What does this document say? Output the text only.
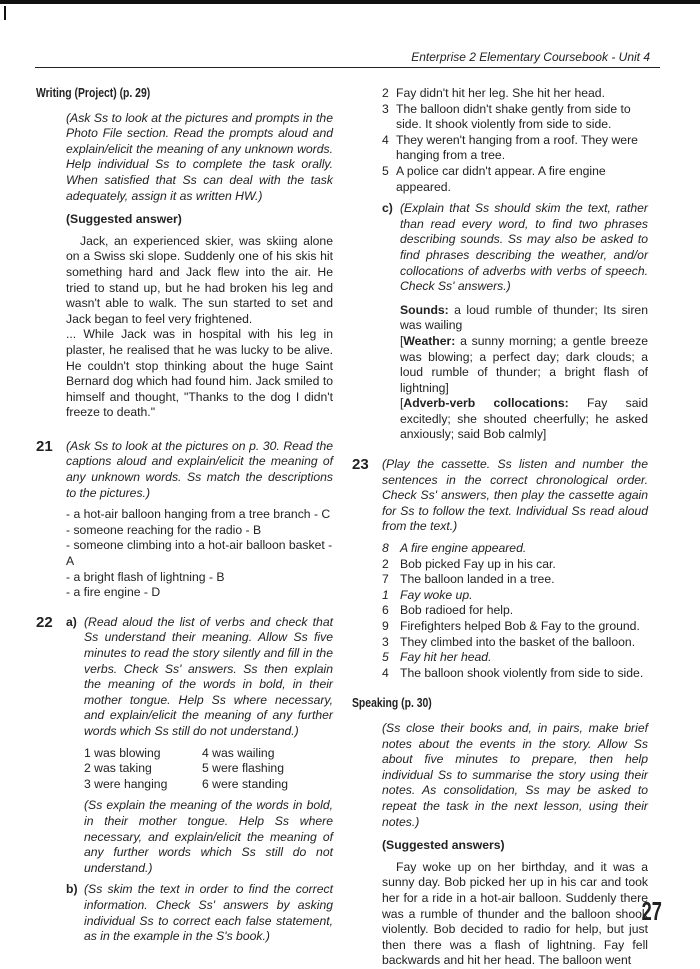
Enterprise 2 Elementary Coursebook - Unit 4
Writing (Project) (p. 29)
(Ask Ss to look at the pictures and prompts in the Photo File section. Read the prompts aloud and explain/elicit the meaning of any unknown words. Help individual Ss to complete the task orally. When satisfied that Ss can deal with the task adequately, assign it as written HW.)
(Suggested answer)
Jack, an experienced skier, was skiing alone on a Swiss ski slope. Suddenly one of his skis hit something hard and Jack flew into the air. He tried to stand up, but he had broken his leg and wasn't able to walk. The sun started to set and Jack began to feel very frightened.
... While Jack was in hospital with his leg in plaster, he realised that he was lucky to be alive. He couldn't stop thinking about the huge Saint Bernard dog which had found him. Jack smiled to himself and thought, "Thanks to the dog I didn't freeze to death."
21	(Ask Ss to look at the pictures on p. 30. Read the captions aloud and explain/elicit the meaning of any unknown words. Ss match the descriptions to the pictures.)
- a hot-air balloon hanging from a tree branch - C
- someone reaching for the radio - B
- someone climbing into a hot-air balloon basket - A
- a bright flash of lightning - B
- a fire engine - D
22	a) (Read aloud the list of verbs and check that Ss understand their meaning. Allow Ss five minutes to read the story silently and fill in the verbs. Check Ss' answers. Ss then explain the meaning of the words in bold, in their mother tongue. Help Ss where necessary, and explain/elicit the meaning of any further words which Ss still do not understand.)
1 was blowing	4 was wailing
2 was taking	5 were flashing
3 were hanging	6 were standing
(Ss explain the meaning of the words in bold, in their mother tongue. Help Ss where necessary, and explain/elicit the meaning of any further words which Ss still do not understand.)
b) (Ss skim the text in order to find the correct information. Check Ss' answers by asking individual Ss to correct each false statement, as in the example in the S's book.)
2 Fay didn't hit her leg. She hit her head.
3 The balloon didn't shake gently from side to side. It shook violently from side to side.
4 They weren't hanging from a roof. They were hanging from a tree.
5 A police car didn't appear. A fire engine appeared.
c) (Explain that Ss should skim the text, rather than read every word, to find two phrases describing sounds. Ss may also be asked to find phrases describing the weather, and/or collocations of adverbs with verbs of speech. Check Ss' answers.)
Sounds: a loud rumble of thunder; Its siren was wailing
[Weather: a sunny morning; a gentle breeze was blowing; a perfect day; dark clouds; a loud rumble of thunder; a bright flash of lightning]
[Adverb-verb collocations: Fay said excitedly; she shouted cheerfully; he asked anxiously; said Bob calmly]
23	(Play the cassette. Ss listen and number the sentences in the correct chronological order. Check Ss' answers, then play the cassette again for Ss to follow the text. Individual Ss read aloud from the text.)
8 A fire engine appeared.
2 Bob picked Fay up in his car.
7 The balloon landed in a tree.
1 Fay woke up.
6 Bob radioed for help.
9 Firefighters helped Bob & Fay to the ground.
3 They climbed into the basket of the balloon.
5 Fay hit her head.
4 The balloon shook violently from side to side.
Speaking (p. 30)
(Ss close their books and, in pairs, make brief notes about the events in the story. Allow Ss about five minutes to prepare, then help individual Ss to summarise the story using their notes. As consolidation, Ss may be asked to repeat the task in the next lesson, using their notes.)
(Suggested answers)
Fay woke up on her birthday, and it was a sunny day. Bob picked her up in his car and took her for a ride in a hot-air balloon. Suddenly there was a rumble of thunder and the balloon shook violently. Bob decided to radio for help, but just then there was a flash of lightning. Fay fell backwards and hit her head. The balloon went
27
